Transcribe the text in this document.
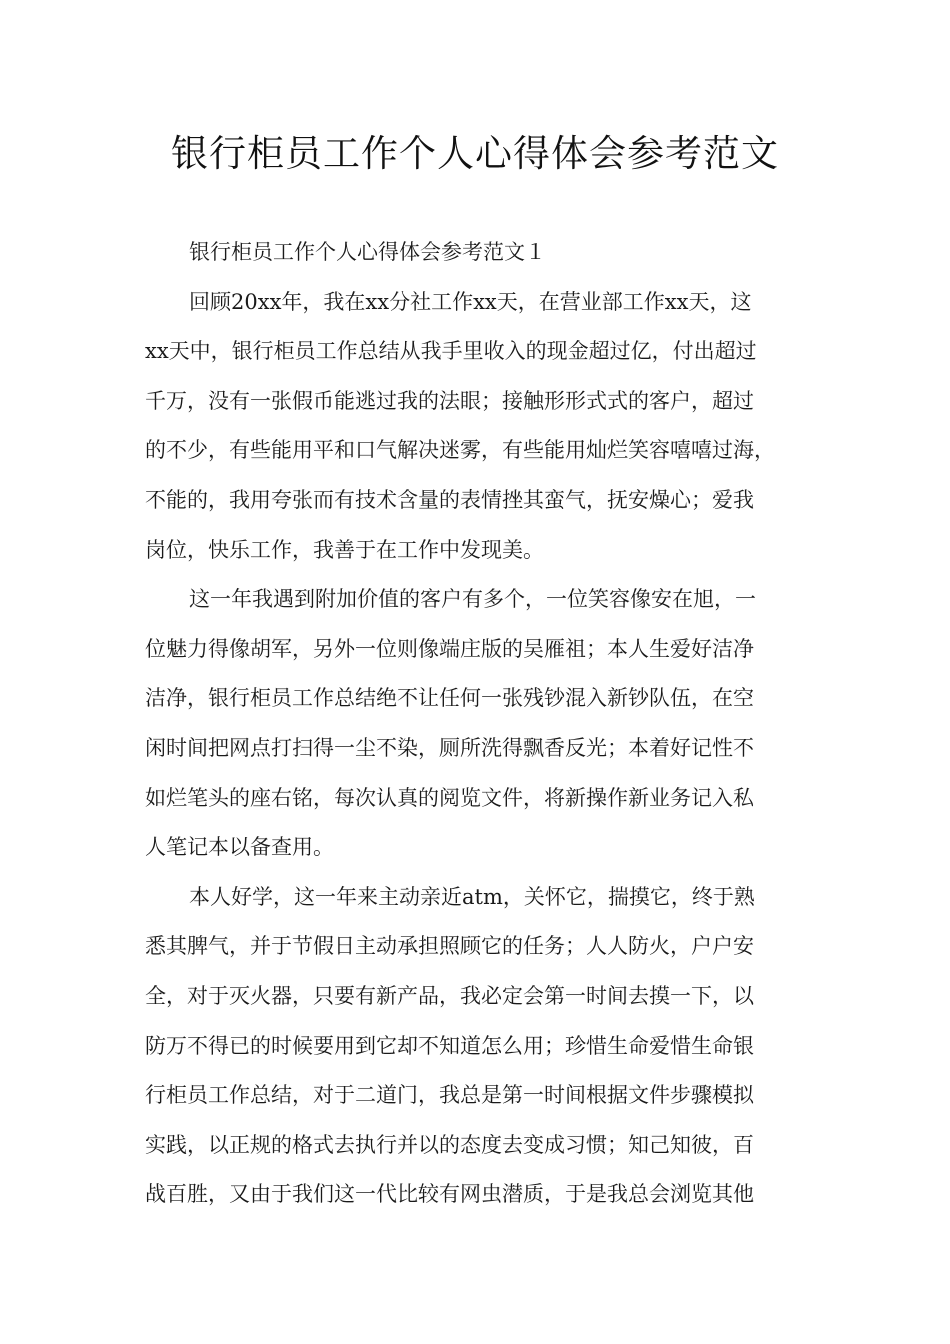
银行柜员工作个人心得体会参考范文
银行柜员工作个人心得体会参考范文１
回顾20xx年，我在xx分社工作xx天，在营业部工作xx天，这
xx天中，银行柜员工作总结从我手里收入的现金超过亿，付出超过
千万，没有一张假币能逃过我的法眼；接触形形式式的客户，超过
的不少，有些能用平和口气解决迷雾，有些能用灿烂笑容嘻嘻过海，
不能的，我用夸张而有技术含量的表情挫其蛮气，抚安燥心；爱我
岗位，快乐工作，我善于在工作中发现美。
这一年我遇到附加价值的客户有多个，一位笑容像安在旭，一
位魅力得像胡军，另外一位则像端庄版的吴雁祖；本人生爱好洁净
洁净，银行柜员工作总结绝不让任何一张残钞混入新钞队伍，在空
闲时间把网点打扫得一尘不染，厕所洗得飘香反光；本着好记性不
如烂笔头的座右铭，每次认真的阅览文件，将新操作新业务记入私
人笔记本以备查用。
本人好学，这一年来主动亲近atm，关怀它，揣摸它，终于熟
悉其脾气，并于节假日主动承担照顾它的任务；人人防火，户户安
全，对于灭火器，只要有新产品，我必定会第一时间去摸一下，以
防万不得已的时候要用到它却不知道怎么用；珍惜生命爱惜生命银
行柜员工作总结，对于二道门，我总是第一时间根据文件步骤模拟
实践，以正规的格式去执行并以的态度去变成习惯；知己知彼，百
战百胜，又由于我们这一代比较有网虫潜质，于是我总会浏览其他
